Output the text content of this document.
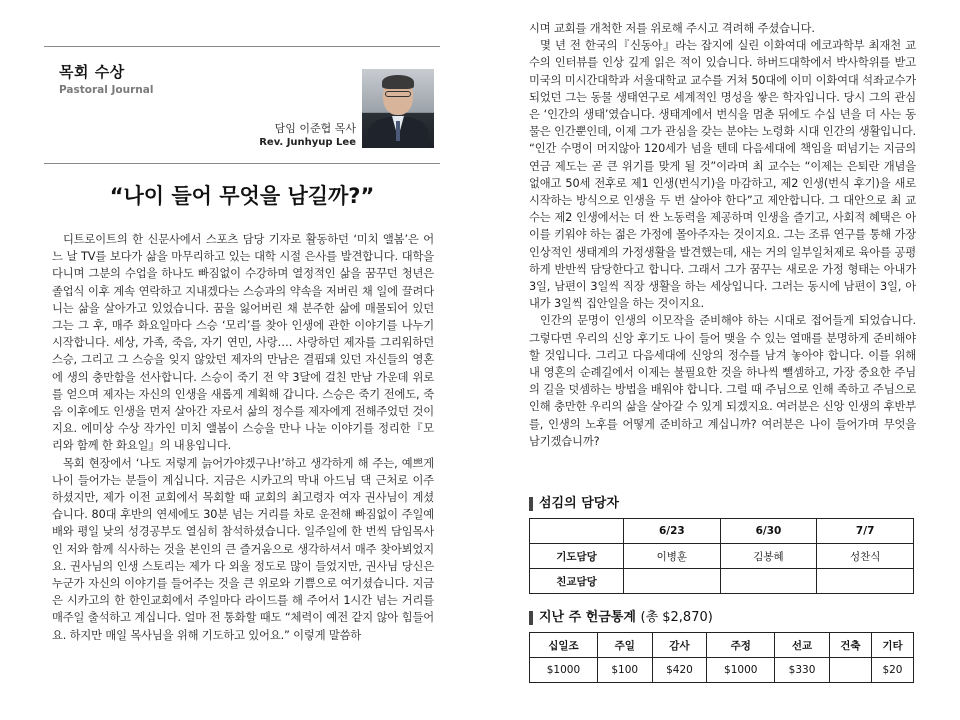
목회 수상
Pastoral Journal
담임 이준협 목사
Rev. Junhyup Lee
“나이 들어 무엇을 남길까?”

디트로이트의 한 신문사에서 스포츠 담당 기자로 활동하던 ‘미치 앨봄’은 어느 날 TV를 보다가 삶을 마무리하고 있는 대학 시절 은사를 발견합니다. 대학을 다니며 그분의 수업을 하나도 빠짐없이 수강하며 열정적인 삶을 꿈꾸던 청년은 졸업식 이후 계속 연락하고 지내겠다는 스승과의 약속을 저버린 채 일에 끌려다니는 삶을 살아가고 있었습니다. 꿈을 잃어버린 채 분주한 삶에 매몰되어 있던 그는 그 후, 매주 화요일마다 스승 ‘모리’를 찾아 인생에 관한 이야기를 나누기 시작합니다. 세상, 가족, 죽음, 자기 연민, 사랑…. 사랑하던 제자를 그리워하던 스승, 그리고 그 스승을 잊지 않았던 제자의 만남은 결핍돼 있던 자신들의 영혼에 생의 충만함을 선사합니다. 스승이 죽기 전 약 3달에 걸친 만남 가운데 위로를 얻으며 제자는 자신의 인생을 새롭게 계획해 갑니다. 스승은 죽기 전에도, 죽음 이후에도 인생을 먼저 살아간 자로서 삶의 정수를 제자에게 전해주었던 것이지요. 에미상 수상 작가인 미치 앨봄이 스승을 만나 나눈 이야기를 정리한『모리와 함께 한 화요일』의 내용입니다.

목회 현장에서 ‘나도 저렇게 늙어가야겠구나!’하고 생각하게 해 주는, 예쁘게 나이 들어가는 분들이 계십니다. 지금은 시카고의 막내 아드님 댁 근처로 이주하셨지만, 제가 이전 교회에서 목회할 때 교회의 최고령자 여자 권사님이 계셨습니다. 80대 후반의 연세에도 30분 넘는 거리를 차로 운전해 빠짐없이 주일예배와 평일 낮의 성경공부도 열심히 참석하셨습니다. 일주일에 한 번씩 담임목사인 저와 함께 식사하는 것을 본인의 큰 즐거움으로 생각하셔서 매주 찾아뵈었지요. 권사님의 인생 스토리는 제가 다 외울 정도로 많이 들었지만, 권사님 당신은 누군가 자신의 이야기를 들어주는 것을 큰 위로와 기쁨으로 여기셨습니다. 지금은 시카고의 한 한인교회에서 주일마다 라이드를 해 주어서 1시간 넘는 거리를 매주일 출석하고 계십니다. 얼마 전 통화할 때도 “체력이 예전 같지 않아 힘들어요. 하지만 매일 목사님을 위해 기도하고 있어요.” 이렇게 말씀하

시며 교회를 개척한 저를 위로해 주시고 격려해 주셨습니다.

몇 년 전 한국의『신동아』라는 잡지에 실린 이화여대 에코과학부 최재천 교수의 인터뷰를 인상 깊게 읽은 적이 있습니다. 하버드대학에서 박사학위를 받고 미국의 미시간대학과 서울대학교 교수를 거쳐 50대에 이미 이화여대 석좌교수가 되었던 그는 동물 생태연구로 세계적인 명성을 쌓은 학자입니다. 당시 그의 관심은 ‘인간의 생태’였습니다. 생태계에서 번식을 멈춘 뒤에도 수십 년을 더 사는 동물은 인간뿐인데, 이제 그가 관심을 갖는 분야는 노령화 시대 인간의 생활입니다. “인간 수명이 머지않아 120세가 넘을 텐데 다음세대에 책임을 떠넘기는 지금의 연금 제도는 곧 큰 위기를 맞게 될 것”이라며 최 교수는 “이제는 은퇴란 개념을 없애고 50세 전후로 제1 인생(번식기)을 마감하고, 제2 인생(번식 후기)을 새로 시작하는 방식으로 인생을 두 번 살아야 한다”고 제안합니다. 그 대안으로 최 교수는 제2 인생에서는 더 싼 노동력을 제공하며 인생을 즐기고, 사회적 혜택은 아이를 키워야 하는 젊은 가정에 몰아주자는 것이지요. 그는 조류 연구를 통해 가장 인상적인 생태계의 가정생활을 발견했는데, 새는 거의 일부일처제로 육아를 공평하게 반반씩 담당한다고 합니다. 그래서 그가 꿈꾸는 새로운 가정 형태는 아내가 3일, 남편이 3일씩 직장 생활을 하는 세상입니다. 그러는 동시에 남편이 3일, 아내가 3일씩 집안일을 하는 것이지요.

인간의 문명이 인생의 이모작을 준비해야 하는 시대로 접어들게 되었습니다. 그렇다면 우리의 신앙 후기도 나이 들어 맺을 수 있는 열매를 분명하게 준비해야 할 것입니다. 그리고 다음세대에 신앙의 정수를 남겨 놓아야 합니다. 이를 위해 내 영혼의 순례길에서 이제는 불필요한 것을 하나씩 뺄셈하고, 가장 중요한 주님의 길을 덧셈하는 방법을 배워야 합니다. 그럴 때 주님으로 인해 족하고 주님으로 인해 충만한 우리의 삶을 살아갈 수 있게 되겠지요. 여러분은 신앙 인생의 후반부를, 인생의 노후를 어떻게 준비하고 계십니까? 여러분은 나이 들어가며 무엇을 남기겠습니까?

섬김의 담당자
	6/23	6/30	7/7
기도담당	이병훈	김봉혜	성찬식
친교담당			
지난 주 헌금통계 (총 $2,870)
십일조	주일	감사	주정	선교	건축	기타
$1000	$100	$420	$1000	$330		$20
